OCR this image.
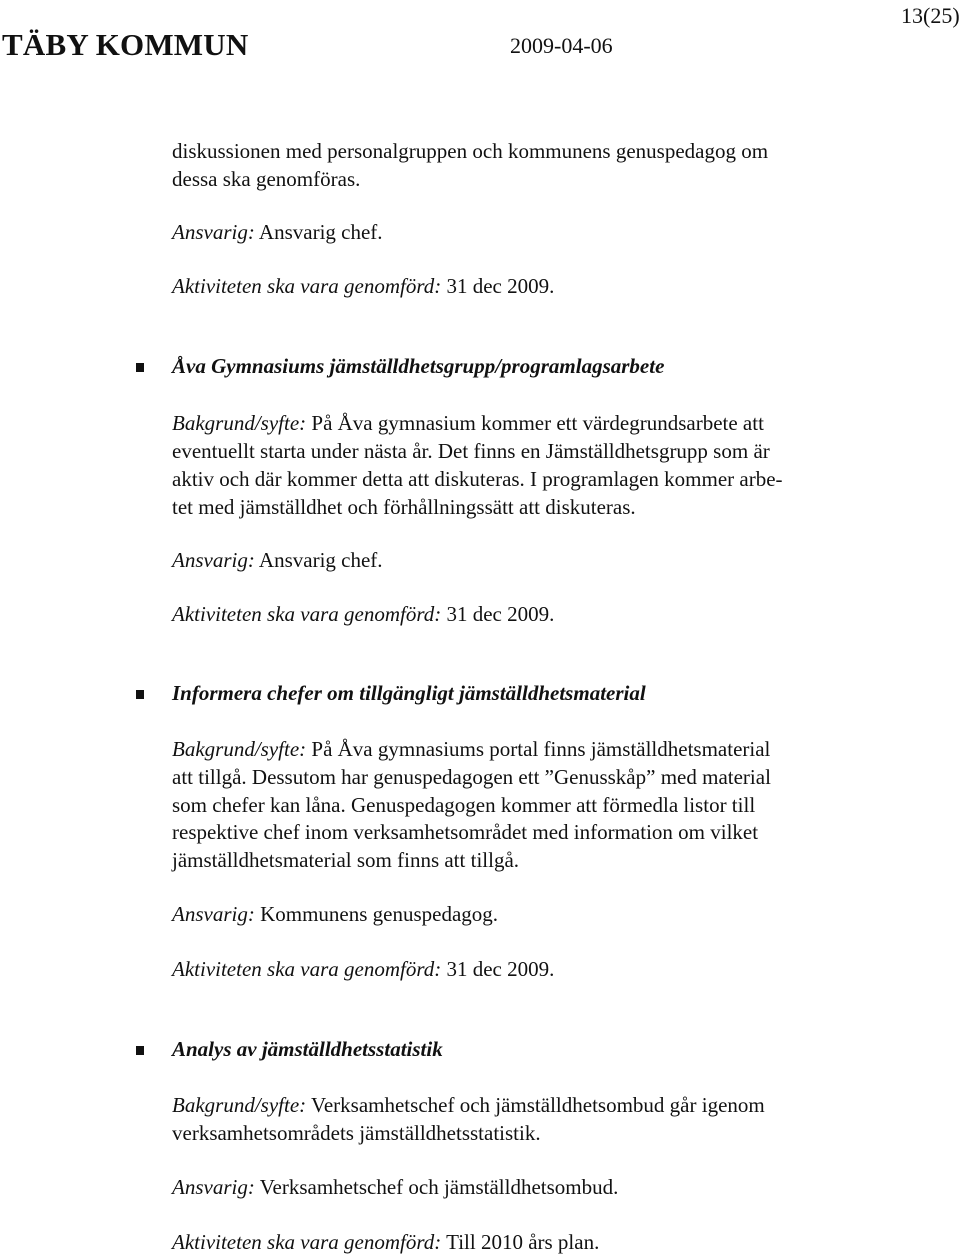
TÄBY KOMMUN	2009-04-06
13(25)
diskussionen med personalgruppen och kommunens genuspedagog om
dessa ska genomföras.
Ansvarig: Ansvarig chef.
Aktiviteten ska vara genomförd: 31 dec 2009.
Åva Gymnasiums jämställdhetsgrupp/programlagsarbete
Bakgrund/syfte: På Åva gymnasium kommer ett värdegrundsarbete att
eventuellt starta under nästa år. Det finns en Jämställdhetsgrupp som är
aktiv och där kommer detta att diskuteras. I programlagen kommer arbe-
tet med jämställdhet och förhållningssätt att diskuteras.
Ansvarig: Ansvarig chef.
Aktiviteten ska vara genomförd: 31 dec 2009.
Informera chefer om tillgängligt jämställdhetsmaterial
Bakgrund/syfte: På Åva gymnasiums portal finns jämställdhetsmaterial
att tillgå. Dessutom har genuspedagogen ett ”Genusskåp” med material
som chefer kan låna. Genuspedagogen kommer att förmedla listor till
respektive chef inom verksamhetsområdet med information om vilket
jämställdhetsmaterial som finns att tillgå.
Ansvarig: Kommunens genuspedagog.
Aktiviteten ska vara genomförd: 31 dec 2009.
Analys av jämställdhetsstatistik
Bakgrund/syfte: Verksamhetschef och jämställdhetsombud går igenom
verksamhetsområdets jämställdhetsstatistik.
Ansvarig: Verksamhetschef och jämställdhetsombud.
Aktiviteten ska vara genomförd: Till 2010 års plan.
